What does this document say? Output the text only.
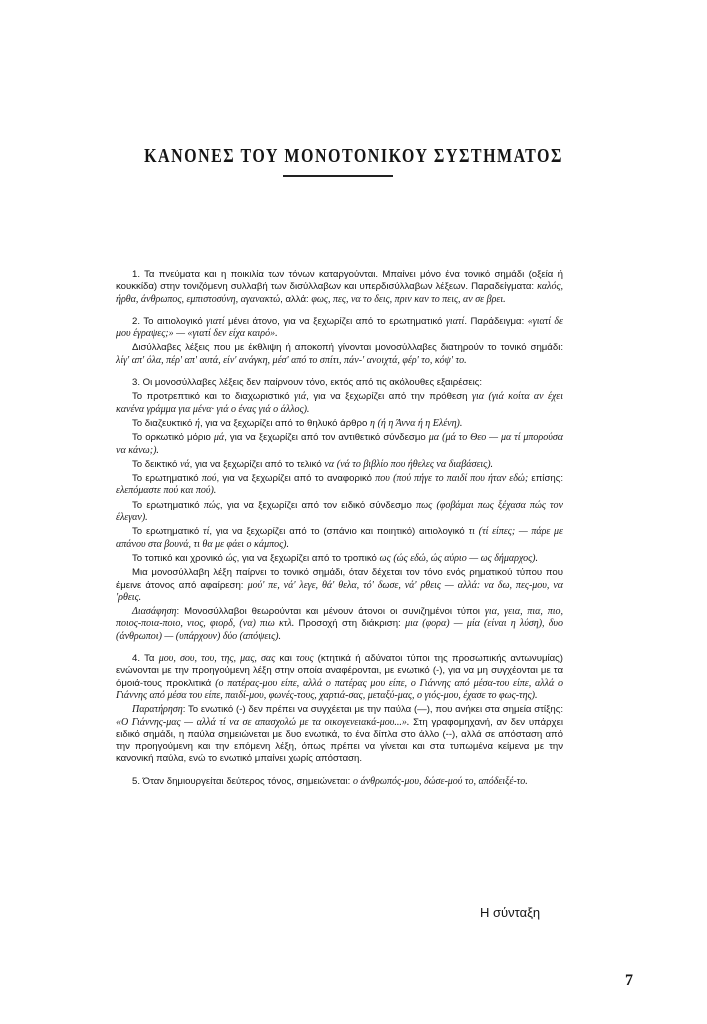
ΚΑΝΟΝΕΣ ΤΟΥ ΜΟΝΟΤΟΝΙΚΟΥ ΣΥΣΤΗΜΑΤΟΣ

1. Τα πνεύματα και η ποικιλία των τόνων καταργούνται. Μπαίνει μόνο ένα τονικό σημάδι (οξεία ή κουκκίδα) στην τονιζόμενη συλλαβή των δισύλλαβων και υπερδισύλλαβων λέξεων. Παραδείγματα: καλός, ήρθα, άνθρωπος, εμπιστοσύνη, αγανακτώ, αλλά: φως, πες, να το δεις, πριν καν το πεις, αν σε βρει.

2. Το αιτιολογικό γιατί μένει άτονο, για να ξεχωρίζει από το ερωτηματικό γιατί. Παράδειγμα: «γιατί δε μου έγραψες;» — «γιατί δεν είχα καιρό».

Δισύλλαβες λέξεις που με έκθλιψη ή αποκοπή γίνονται μονοσύλλαβες διατηρούν το τονικό σημάδι: λίγ' απ' όλα, πέρ' απ' αυτά, είν' ανάγκη, μέσ' από το σπίτι, πάν-' ανοιχτά, φέρ' το, κόψ' το.

3. Οι μονοσύλλαβες λέξεις δεν παίρνουν τόνο, εκτός από τις ακόλουθες εξαιρέσεις:

Το προτρεπτικό και το διαχωριστικό γιά, για να ξεχωρίζει από την πρόθεση για (γιά κοίτα αν έχει κανένα γράμμα για μένα· γιά ο ένας γιά ο άλλος).

Το διαζευκτικό ή, για να ξεχωρίζει από το θηλυκό άρθρο η (ή η Άννα ή η Ελένη).

Το ορκωτικό μόριο μά, για να ξεχωρίζει από τον αντιθετικό σύνδεσμο μα (μά το Θεο — μα τί μπορούσα να κάνω;).

Το δεικτικό νά, για να ξεχωρίζει από το τελικό να (νά το βιβλίο που ήθελες να διαβάσεις).

Το ερωτηματικό πού, για να ξεχωρίζει από το αναφορικό που (πού πήγε το παιδί που ήταν εδώ; επίσης: ελεπόμαστε πού και πού).

Το ερωτηματικό πώς, για να ξεχωρίζει από τον ειδικό σύνδεσμο πως (φοβάμαι πως ξέχασα πώς τον έλεγαν).

Το ερωτηματικό τί, για να ξεχωρίζει από το (σπάνιο και ποιητικό) αιτιολογικό τι (τί είπες; — πάρε με απάνου στα βουνά, τι θα με φάει ο κάμπος).

Το τοπικό και χρονικό ώς, για να ξεχωρίζει από το τροπικό ως (ώς εδώ, ώς αύριο — ως δήμαρχος).

Μια μονοσύλλαβη λέξη παίρνει το τονικό σημάδι, όταν δέχεται τον τόνο ενός ρηματικού τύπου που έμεινε άτονος από αφαίρεση: μού' πε, νά' λεγε, θά' θελα, τό' δωσε, νά' ρθεις — αλλά: να δω, πες-μου, να 'ρθεις.

Διασάφηση: Μονοσύλλαβοι θεωρούνται και μένουν άτονοι οι συνιζημένοι τύποι για, γεια, πια, πιο, ποιος-ποια-ποιο, νιος, φιορδ, (να) πιω κτλ. Προσοχή στη διάκριση: μια (φορα) — μία (είναι η λύση), δυο (άνθρωποι) — (υπάρχουν) δύο (απόψεις).

4. Τα μου, σου, του, της, μας, σας και τους (κτητικά ή αδύνατοι τύποι της προσωπικής αντωνυμίας) ενώνονται με την προηγούμενη λέξη στην οποία αναφέρονται, με ενωτικό (-), για να μη συγχέονται με τα όμοιά-τους προκλιτικά (ο πατέρας-μου είπε, αλλά ο πατέρας μου είπε, ο Γιάννης από μέσα-του είπε, αλλά ο Γιάννης από μέσα του είπε, παιδί-μου, φωνές-τους, χαρτιά-σας, μεταξύ-μας, ο γιός-μου, έχασε το φως-της).

Παρατήρηση: Το ενωτικό (-) δεν πρέπει να συγχέεται με την παύλα (—), που ανήκει στα σημεία στίξης: «Ο Γιάννης-μας — αλλά τί να σε απασχολώ με τα οικογενειακά-μου...». Στη γραφομηχανή, αν δεν υπάρχει ειδικό σημάδι, η παύλα σημειώνεται με δυο ενωτικά, το ένα δίπλα στο άλλο (--), αλλά σε απόσταση από την προηγούμενη και την επόμενη λέξη, όπως πρέπει να γίνεται και στα τυπωμένα κείμενα με την κανονική παύλα, ενώ το ενωτικό μπαίνει χωρίς απόσταση.

5. Όταν δημιουργείται δεύτερος τόνος, σημειώνεται: ο άνθρωπός-μου, δώσε-μού το, απόδειξέ-το.

Η σύνταξη
7
